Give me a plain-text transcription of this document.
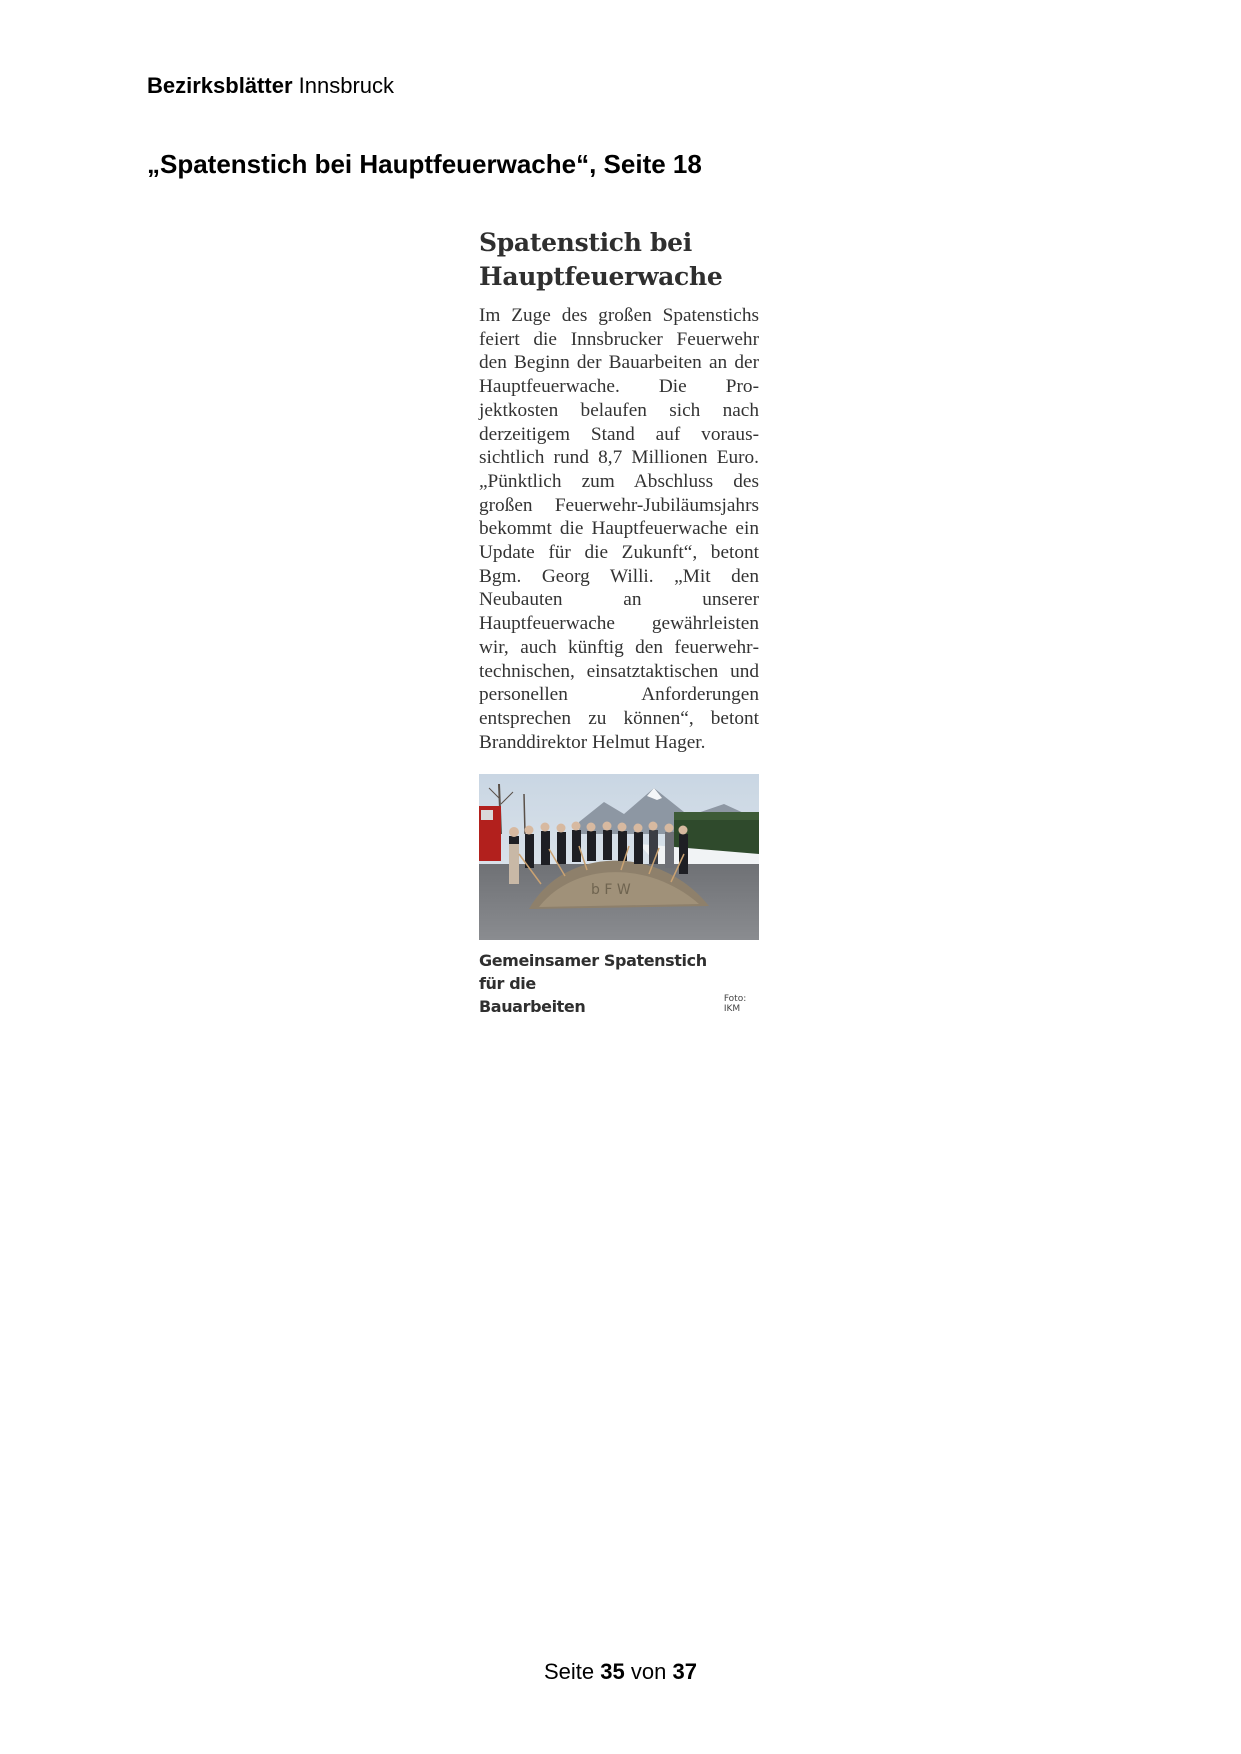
Bezirksblätter Innsbruck
„Spatenstich bei Hauptfeuerwache“, Seite 18
Spatenstich bei
Hauptfeuerwache

Im Zuge des großen Spatenstichs feiert die Innsbrucker Feuerwehr den Beginn der Bauarbeiten an der Hauptfeuerwache. Die Projektkosten belaufen sich nach derzeitigem Stand auf voraussichtlich rund 8,7 Millionen Euro. „Pünktlich zum Abschluss des großen Feuerwehr-Jubiläumsjahrs bekommt die Hauptfeuerwache ein Update für die Zukunft“, betont Bgm. Georg Willi. „Mit den Neubauten an unserer Hauptfeuerwache gewährleisten wir, auch künftig den feuerwehrtechnischen, einsatztaktischen und personellen Anforderungen entsprechen zu können“, betont Branddirektor Helmut Hager.

b F W
Gemeinsamer Spatenstich für die
Bauarbeiten	Foto: IKM
Seite 35 von 37
